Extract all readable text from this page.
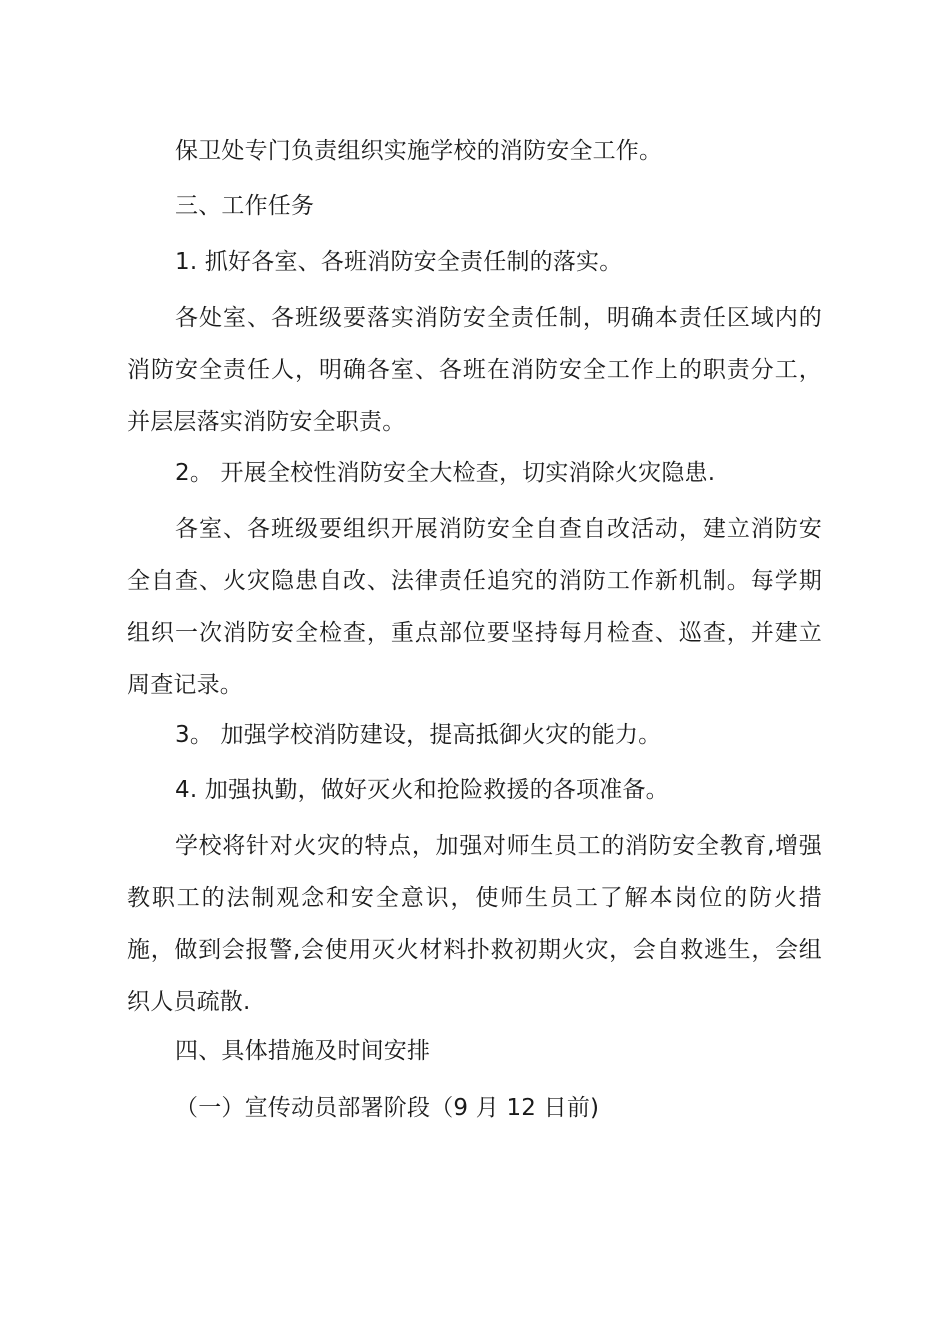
保卫处专门负责组织实施学校的消防安全工作。
三、工作任务
1. 抓好各室、各班消防安全责任制的落实。
各处室、各班级要落实消防安全责任制，明确本责任区域内的消防安全责任人，明确各室、各班在消防安全工作上的职责分工，并层层落实消防安全职责。
2。 开展全校性消防安全大检查，切实消除火灾隐患.
各室、各班级要组织开展消防安全自查自改活动，建立消防安全自查、火灾隐患自改、法律责任追究的消防工作新机制。每学期组织一次消防安全检查，重点部位要坚持每月检查、巡查，并建立周查记录。
3。 加强学校消防建设，提高抵御火灾的能力。
4. 加强执勤，做好灭火和抢险救援的各项准备。
学校将针对火灾的特点，加强对师生员工的消防安全教育,增强教职工的法制观念和安全意识，使师生员工了解本岗位的防火措施，做到会报警,会使用灭火材料扑救初期火灾，会自救逃生，会组织人员疏散.
四、具体措施及时间安排
（一）宣传动员部署阶段（9 月 12 日前)
